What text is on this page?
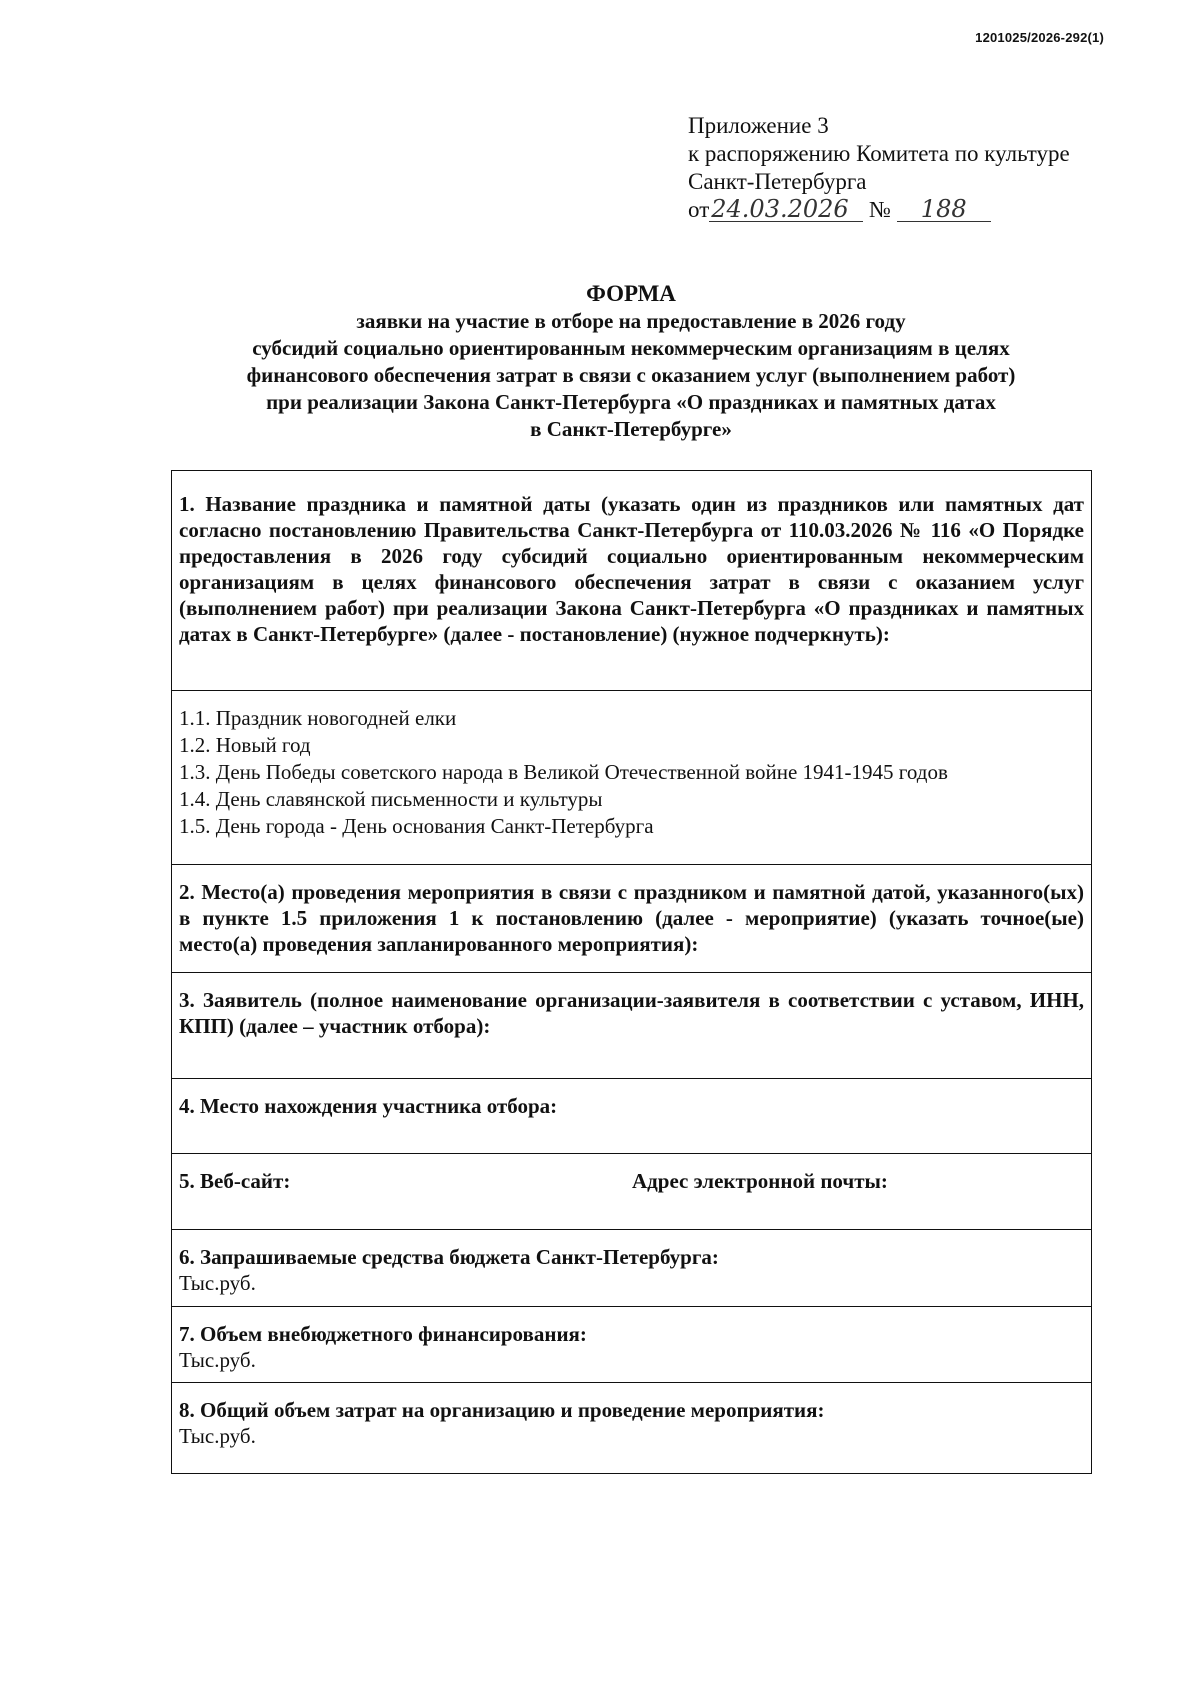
1201025/2026-292(1)
Приложение 3
к распоряжению Комитета по культуре
Санкт-Петербурга
от24.03.2026 № 188
ФОРМА
заявки на участие в отборе на предоставление в 2026 году
субсидий социально ориентированным некоммерческим организациям в целях
финансового обеспечения затрат в связи с оказанием услуг (выполнением работ)
при реализации Закона Санкт-Петербурга «О праздниках и памятных датах
в Санкт-Петербурге»
1. Название праздника и памятной даты (указать один из праздников или памятных дат согласно постановлению Правительства Санкт-Петербурга от 110.03.2026 № 116 «О Порядке предоставления в 2026 году субсидий социально ориентированным некоммерческим организациям в целях финансового обеспечения затрат в связи с оказанием услуг (выполнением работ) при реализации Закона Санкт-Петербурга «О праздниках и памятных датах в Санкт-Петербурге» (далее - постановление) (нужное подчеркнуть):
1.1. Праздник новогодней елки
1.2. Новый год
1.3. День Победы советского народа в Великой Отечественной войне 1941-1945 годов
1.4. День славянской письменности и культуры
1.5. День города - День основания Санкт-Петербурга
2. Место(а) проведения мероприятия в связи с праздником и памятной датой, указанного(ых) в пункте 1.5 приложения 1 к постановлению (далее - мероприятие) (указать точное(ые) место(а) проведения запланированного мероприятия):
3. Заявитель (полное наименование организации-заявителя в соответствии с уставом, ИНН, КПП) (далее – участник отбора):
4. Место нахождения участника отбора:
5. Веб-сайт:	Адрес электронной почты:
6. Запрашиваемые средства бюджета Санкт-Петербурга:
Тыс.руб.
7. Объем внебюджетного финансирования:
Тыс.руб.
8. Общий объем затрат на организацию и проведение мероприятия:
Тыс.руб.
